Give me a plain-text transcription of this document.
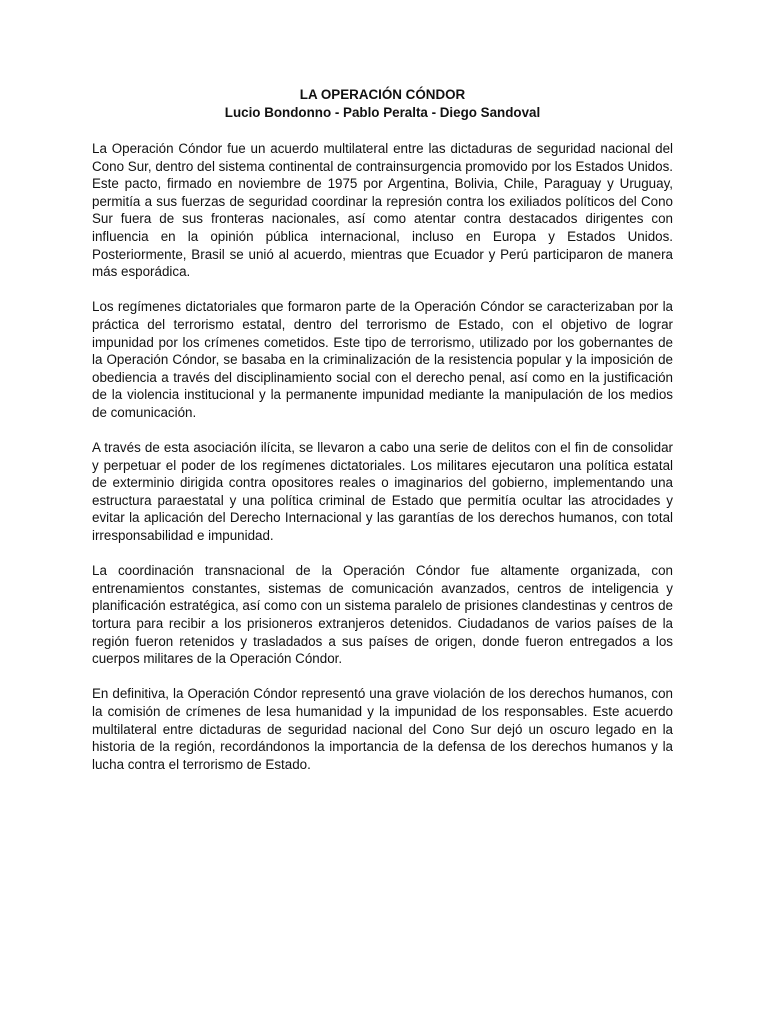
LA OPERACIÓN CÓNDOR

Lucio Bondonno - Pablo Peralta - Diego Sandoval

La Operación Cóndor fue un acuerdo multilateral entre las dictaduras de seguridad nacional del Cono Sur, dentro del sistema continental de contrainsurgencia promovido por los Estados Unidos. Este pacto, firmado en noviembre de 1975 por Argentina, Bolivia, Chile, Paraguay y Uruguay, permitía a sus fuerzas de seguridad coordinar la represión contra los exiliados políticos del Cono Sur fuera de sus fronteras nacionales, así como atentar contra destacados dirigentes con influencia en la opinión pública internacional, incluso en Europa y Estados Unidos. Posteriormente, Brasil se unió al acuerdo, mientras que Ecuador y Perú participaron de manera más esporádica.

Los regímenes dictatoriales que formaron parte de la Operación Cóndor se caracterizaban por la práctica del terrorismo estatal, dentro del terrorismo de Estado, con el objetivo de lograr impunidad por los crímenes cometidos. Este tipo de terrorismo, utilizado por los gobernantes de la Operación Cóndor, se basaba en la criminalización de la resistencia popular y la imposición de obediencia a través del disciplinamiento social con el derecho penal, así como en la justificación de la violencia institucional y la permanente impunidad mediante la manipulación de los medios de comunicación.

A través de esta asociación ilícita, se llevaron a cabo una serie de delitos con el fin de consolidar y perpetuar el poder de los regímenes dictatoriales. Los militares ejecutaron una política estatal de exterminio dirigida contra opositores reales o imaginarios del gobierno, implementando una estructura paraestatal y una política criminal de Estado que permitía ocultar las atrocidades y evitar la aplicación del Derecho Internacional y las garantías de los derechos humanos, con total irresponsabilidad e impunidad.

La coordinación transnacional de la Operación Cóndor fue altamente organizada, con entrenamientos constantes, sistemas de comunicación avanzados, centros de inteligencia y planificación estratégica, así como con un sistema paralelo de prisiones clandestinas y centros de tortura para recibir a los prisioneros extranjeros detenidos. Ciudadanos de varios países de la región fueron retenidos y trasladados a sus países de origen, donde fueron entregados a los cuerpos militares de la Operación Cóndor.

En definitiva, la Operación Cóndor representó una grave violación de los derechos humanos, con la comisión de crímenes de lesa humanidad y la impunidad de los responsables. Este acuerdo multilateral entre dictaduras de seguridad nacional del Cono Sur dejó un oscuro legado en la historia de la región, recordándonos la importancia de la defensa de los derechos humanos y la lucha contra el terrorismo de Estado.
